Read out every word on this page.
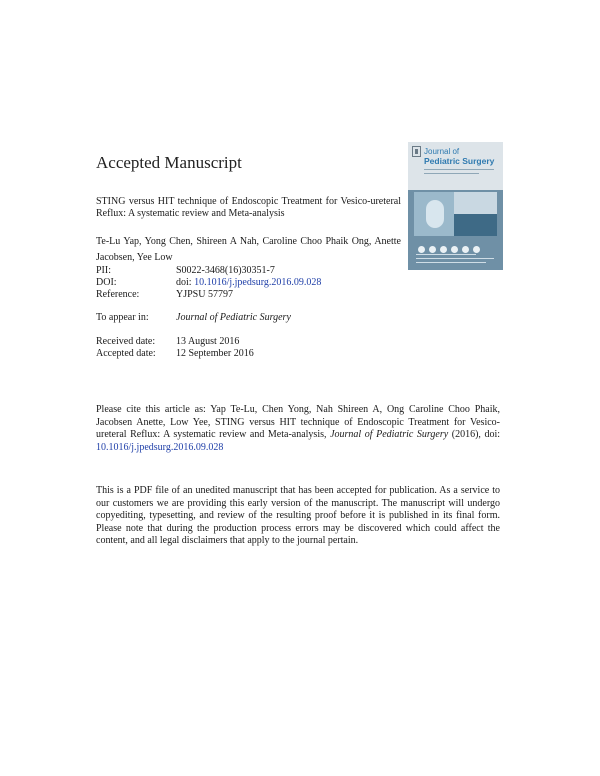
Accepted Manuscript
STING versus HIT technique of Endoscopic Treatment for Vesico-ureteral Reflux: A systematic review and Meta-analysis
Te-Lu Yap, Yong Chen, Shireen A Nah, Caroline Choo Phaik Ong, Anette Jacobsen, Yee Low
PII:	S0022-3468(16)30351-7
DOI:	doi: 10.1016/j.jpedsurg.2016.09.028
Reference:	YJPSU 57797
To appear in:	Journal of Pediatric Surgery
Received date: 13 August 2016
Accepted date: 12 September 2016
Journal of
Pediatric Surgery
Please cite this article as: Yap Te-Lu, Chen Yong, Nah Shireen A, Ong Caroline Choo Phaik, Jacobsen Anette, Low Yee, STING versus HIT technique of Endoscopic Treatment for Vesico-ureteral Reflux: A systematic review and Meta-analysis, Journal of Pediatric Surgery (2016), doi: 10.1016/j.jpedsurg.2016.09.028
This is a PDF file of an unedited manuscript that has been accepted for publication. As a service to our customers we are providing this early version of the manuscript. The manuscript will undergo copyediting, typesetting, and review of the resulting proof before it is published in its final form. Please note that during the production process errors may be discovered which could affect the content, and all legal disclaimers that apply to the journal pertain.
